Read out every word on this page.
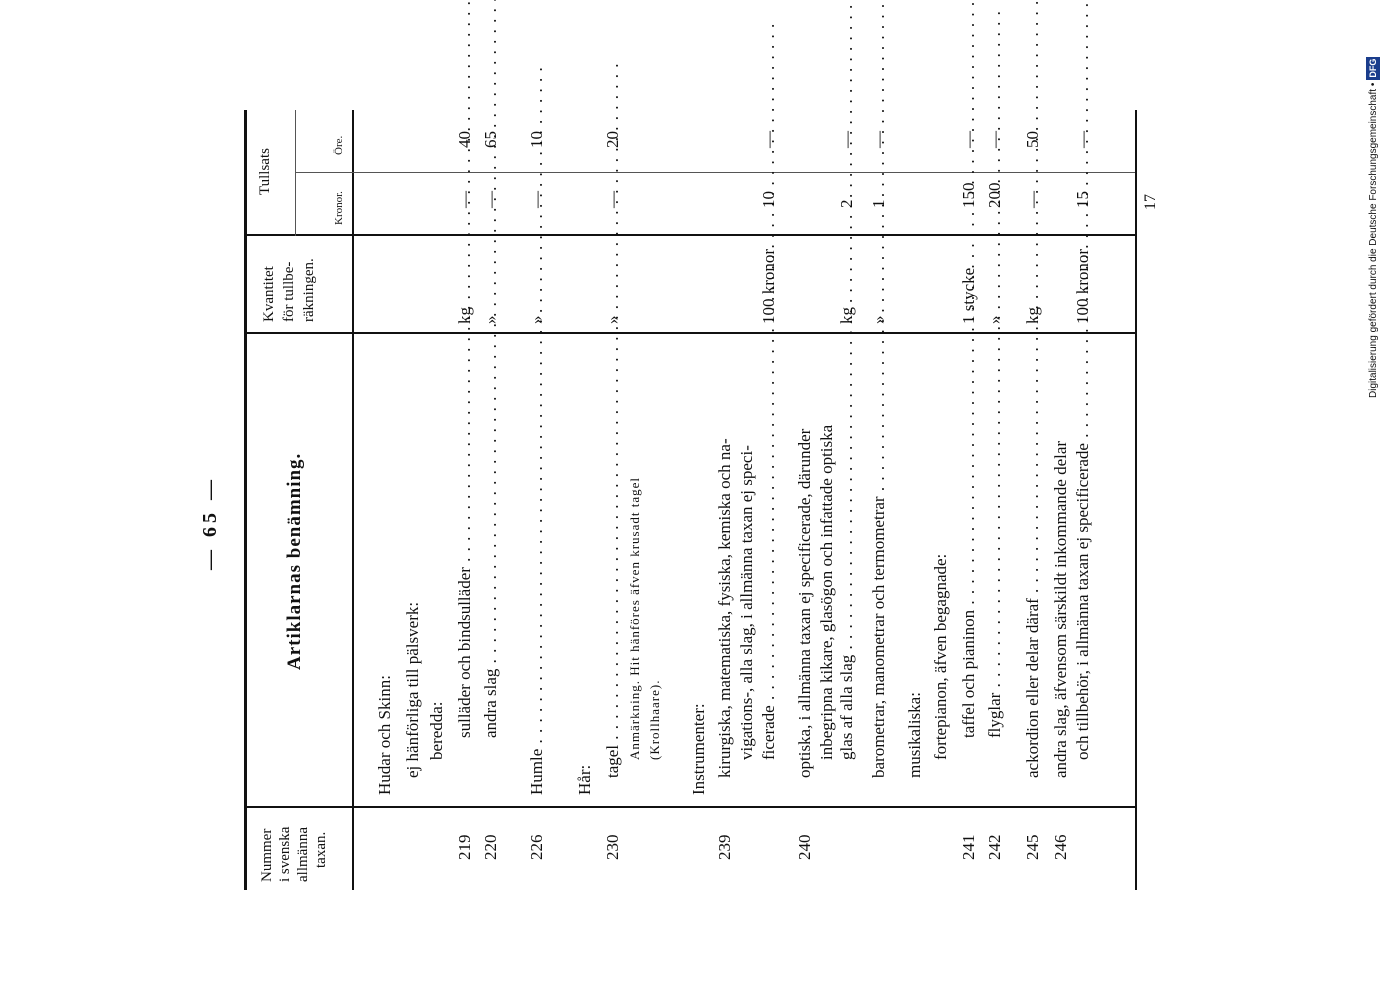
— 65 —
Nummer i svenska allmänna taxan.
Artiklarnas benämning.
Kvantitet för tullbe- räkningen.
Tullsats
Kronor.
Öre.
Hudar och Skinn: ej hänförliga till pälsverk: beredda:
219
sulläder och bindsulläder . . .
kg
—
40
220
andra slag . . .
»
—
65
226
Humle . . .
»
—
10
Hår:
230
tagel . . .
»
—
20
Anmärkning. Hit hänföres äfven krusadt tagel (Krollhaare). Instrumenter:
239
kirurgiska, matematiska, fysiska, kemiska och na- vigations-, alla slag, i allmänna taxan ej speci- ficerade . . .
100 kronor
10
—
240
optiska, i allmänna taxan ej specificerade, därunder inbegripna kikare, glasögon och infattade optiska glas af alla slag . . .
kg
2
—
barometrar, manometrar och termometrar . . .
»
1
—
musikaliska: fortepianon, äfven begagnade:
241
taffel och pianinon . . .
1 stycke
150
—
242
flyglar . . .
»
200
—
245
ackordion eller delar däraf . . .
kg
—
50
246
andra slag, äfvensom särskildt inkommande delar och tillbehör, i allmänna taxan ej specificerade . . .
100 kronor
15
—
17	Digitalisierung gefördert durch die Deutsche Forschungsgemeinschaft •DFG
